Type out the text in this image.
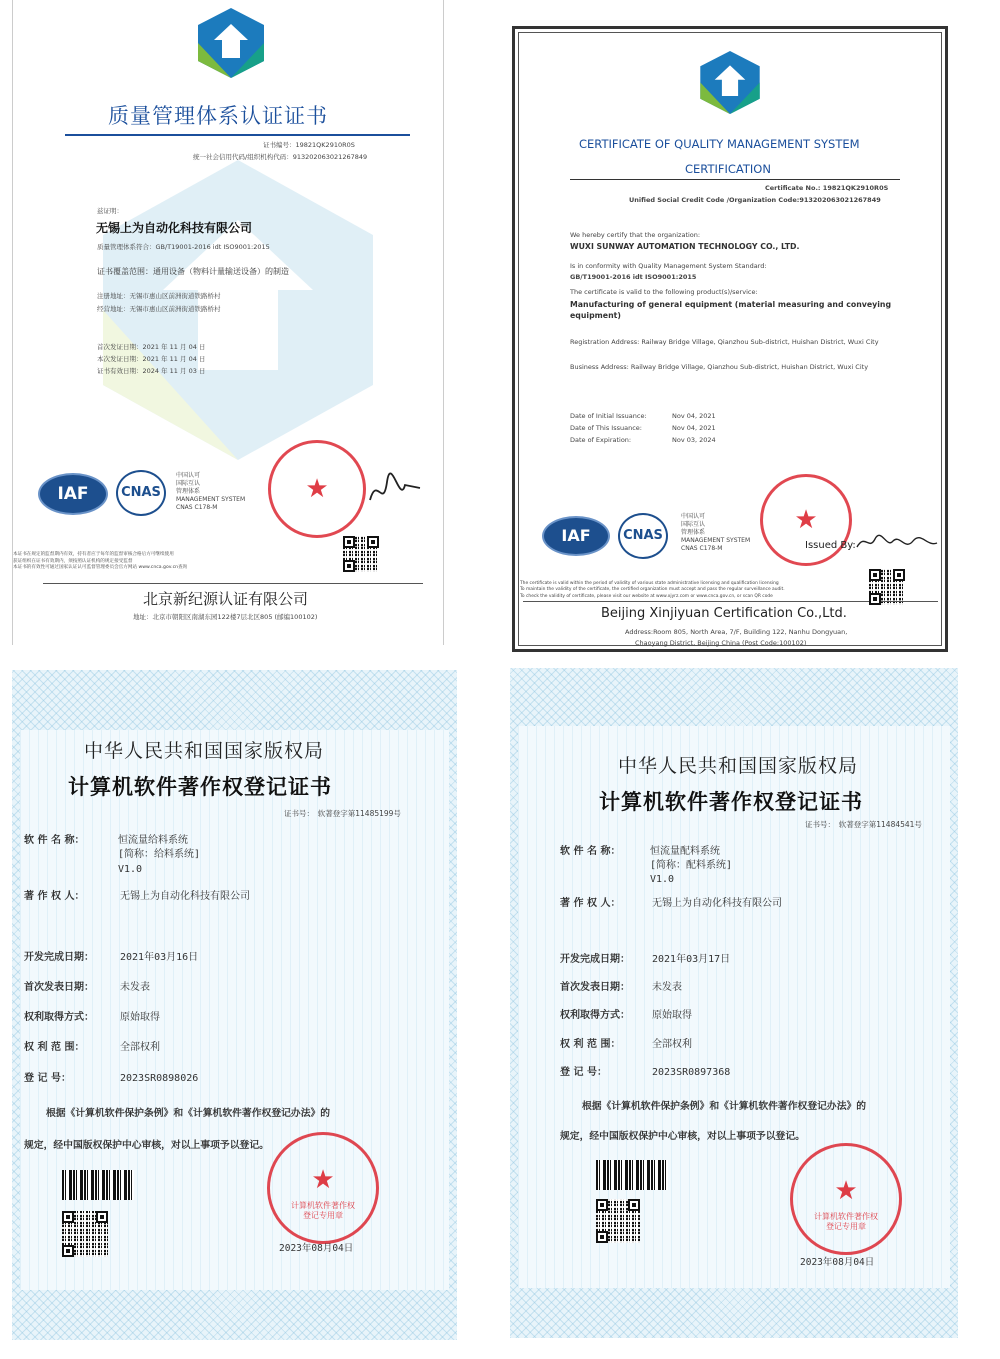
质量管理体系认证证书
证书编号：19821QK2910R0S
统一社会信用代码/组织机构代码：913202063021267849
兹证明：
无锡上为自动化科技有限公司
质量管理体系符合：GB/T19001-2016 idt ISO9001:2015
证书覆盖范围：通用设备（物料计量输送设备）的制造
注册地址：无锡市惠山区前洲街道铁路桥村
经营地址：无锡市惠山区前洲街道铁路桥村
首次发证日期：2021 年 11 月 04 日
本次发证日期：2021 年 11 月 04 日
证书有效日期：2024 年 11 月 03 日
IAF	CNAS
中国认可
国际互认
管理体系
MANAGEMENT SYSTEM
CNAS C178-M
★
本证书在规定的监督期内有效，持有者应于每年的监督审核合格后方可继续使用
获证组织在证书有效期内，须按照认证机构的规定接受监督
本证书的有效性可通过国家认证认可监督管理委员会官方网站 www.cnca.gov.cn查询
北京新纪源认证有限公司
地址：北京市朝阳区南湖东园122楼7层北区805 (邮编100102)
CERTIFICATE OF QUALITY MANAGEMENT SYSTEM
CERTIFICATION
Certificate No.: 19821QK2910R0S
Unified Social Credit Code /Organization Code:913202063021267849
We hereby certify that the organization:
WUXI SUNWAY AUTOMATION TECHNOLOGY CO., LTD.
Is in conformity with Quality Management System Standard:
GB/T19001-2016 idt ISO9001:2015
The certificate is valid to the following product(s)/service:
Manufacturing of general equipment (material measuring and conveying equipment)
Registration Address: Railway Bridge Village, Qianzhou Sub-district, Huishan District, Wuxi City
Business Address: Railway Bridge Village, Qianzhou Sub-district, Huishan District, Wuxi City
Date of Initial Issuance:	Nov 04, 2021
Date of This Issuance:	Nov 04, 2021
Date of Expiration:	Nov 03, 2024
IAF	CNAS
中国认可
国际互认
管理体系
MANAGEMENT SYSTEM
CNAS C178-M
★
Issued By:
The certificate is valid within the period of validity of various state administrative licensing and qualification licensing
To maintain the validity of the certificate, the certified organization must accept and pass the regular surveillance audit.
To check the validity of certificate, please visit our website at www.xjyrz.com or www.cnca.gov.cn, or scan QR code
Beijing Xinjiyuan Certification Co.,Ltd.
Address:Room 805, North Area, 7/F, Building 122, Nanhu Dongyuan,
Chaoyang District, Beijing China (Post Code:100102)
中华人民共和国国家版权局
计算机软件著作权登记证书
证书号：　软著登字第11485199号
软 件 名 称：	恒流量给料系统
[简称：给料系统]
V1.0
著 作 权 人：	无锡上为自动化科技有限公司
开发完成日期：	2021年03月16日
首次发表日期：	未发表
权利取得方式：	原始取得
权 利 范 围：	全部权利
登 记 号：	2023SR0898026
根据《计算机软件保护条例》和《计算机软件著作权登记办法》的
规定，经中国版权保护中心审核，对以上事项予以登记。
★
计算机软件著作权
登记专用章
2023年08月04日
中华人民共和国国家版权局
计算机软件著作权登记证书
证书号：　软著登字第11484541号
软 件 名 称：	恒流量配料系统
[简称：配料系统]
V1.0
著 作 权 人：	无锡上为自动化科技有限公司
开发完成日期： 2021年03月17日
首次发表日期： 未发表
权利取得方式： 原始取得
权 利 范 围：	全部权利
登 记 号：	2023SR0897368
根据《计算机软件保护条例》和《计算机软件著作权登记办法》的
规定，经中国版权保护中心审核，对以上事项予以登记。
★
计算机软件著作权
登记专用章
2023年08月04日
